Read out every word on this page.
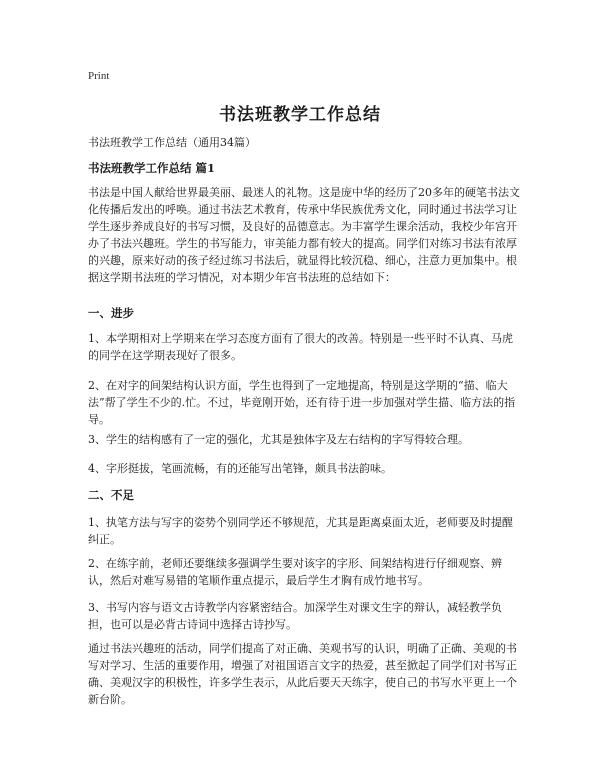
Print
书法班教学工作总结

书法班教学工作总结（通用34篇）

书法班教学工作总结 篇1

书法是中国人献给世界最美丽、最迷人的礼物。这是庞中华的经历了20多年的硬笔书法文化传播后发出的呼唤。通过书法艺术教育，传承中华民族优秀文化，同时通过书法学习让学生逐步养成良好的书写习惯，及良好的品德意志。为丰富学生课余活动，我校少年宫开办了书法兴趣班。学生的书写能力，审美能力都有较大的提高。同学们对练习书法有浓厚的兴趣，原来好动的孩子经过练习书法后，就显得比较沉稳、细心，注意力更加集中。根据这学期书法班的学习情况，对本期少年宫书法班的总结如下：

一、进步

1、本学期相对上学期来在学习态度方面有了很大的改善。特别是一些平时不认真、马虎的同学在这学期表现好了很多。

2、在对字的间架结构认识方面，学生也得到了一定地提高，特别是这学期的“描、临大法”帮了学生不少的.忙。不过，毕竟刚开始，还有待于进一步加强对学生描、临方法的指导。

3、学生的结构感有了一定的强化，尤其是独体字及左右结构的字写得较合理。

4、字形挺拔，笔画流畅，有的还能写出笔锋，颇具书法韵味。

二、不足

1、执笔方法与写字的姿势个别同学还不够规范，尤其是距离桌面太近，老师要及时提醒纠正。

2、在练字前，老师还要继续多强调学生要对该字的字形、间架结构进行仔细观察、辨认，然后对难写易错的笔顺作重点提示，最后学生才胸有成竹地书写。

3、书写内容与语文古诗教学内容紧密结合。加深学生对课文生字的辩认，减轻教学负担，也可以是必背古诗词中选择古诗抄写。

通过书法兴趣班的活动，同学们提高了对正确、美观书写的认识，明确了正确、美观的书写对学习、生活的重要作用，增强了对祖国语言文字的热爱，甚至掀起了同学们对书写正确、美观汉字的积极性，许多学生表示，从此后要天天练字，使自己的书写水平更上一个新台阶。
